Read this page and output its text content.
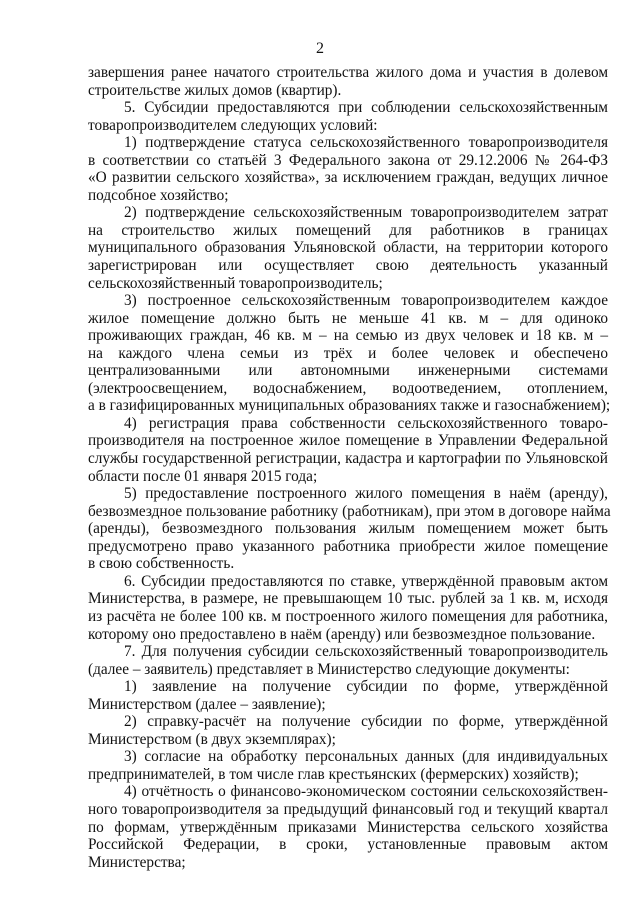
2
завершения ранее начатого строительства жилого дома и участия в долевом
строительстве жилых домов (квартир).
5. Субсидии предоставляются при соблюдении сельскохозяйственным
товаропроизводителем следующих условий:
1) подтверждение статуса сельскохозяйственного товаропроизводителя
в соответствии со статьёй 3 Федерального закона от 29.12.2006 № 264-ФЗ
«О развитии сельского хозяйства», за исключением граждан, ведущих личное
подсобное хозяйство;
2) подтверждение сельскохозяйственным товаропроизводителем затрат
на строительство жилых помещений для работников в границах
муниципального образования Ульяновской области, на территории которого
зарегистрирован или осуществляет свою деятельность указанный
сельскохозяйственный товаропроизводитель;
3) построенное сельскохозяйственным товаропроизводителем каждое
жилое помещение должно быть не меньше 41 кв. м – для одиноко
проживающих граждан, 46 кв. м – на семью из двух человек и 18 кв. м –
на каждого члена семьи из трёх и более человек и обеспечено
централизованными или автономными инженерными системами
(электроосвещением, водоснабжением, водоотведением, отоплением,
а в газифицированных муниципальных образованиях также и газоснабжением);
4) регистрация права собственности сельскохозяйственного товаро-
производителя на построенное жилое помещение в Управлении Федеральной
службы государственной регистрации, кадастра и картографии по Ульяновской
области после 01 января 2015 года;
5) предоставление построенного жилого помещения в наём (аренду),
безвозмездное пользование работнику (работникам), при этом в договоре найма
(аренды), безвозмездного пользования жилым помещением может быть
предусмотрено право указанного работника приобрести жилое помещение
в свою собственность.
6. Субсидии предоставляются по ставке, утверждённой правовым актом
Министерства, в размере, не превышающем 10 тыс. рублей за 1 кв. м, исходя
из расчёта не более 100 кв. м построенного жилого помещения для работника,
которому оно предоставлено в наём (аренду) или безвозмездное пользование.
7. Для получения субсидии сельскохозяйственный товаропроизводитель
(далее – заявитель) представляет в Министерство следующие документы:
1) заявление на получение субсидии по форме, утверждённой
Министерством (далее – заявление);
2) справку-расчёт на получение субсидии по форме, утверждённой
Министерством (в двух экземплярах);
3) согласие на обработку персональных данных (для индивидуальных
предпринимателей, в том числе глав крестьянских (фермерских) хозяйств);
4) отчётность о финансово-экономическом состоянии сельскохозяйствен-
ного товаропроизводителя за предыдущий финансовый год и текущий квартал
по формам, утверждённым приказами Министерства сельского хозяйства
Российской Федерации, в сроки, установленные правовым актом
Министерства;
